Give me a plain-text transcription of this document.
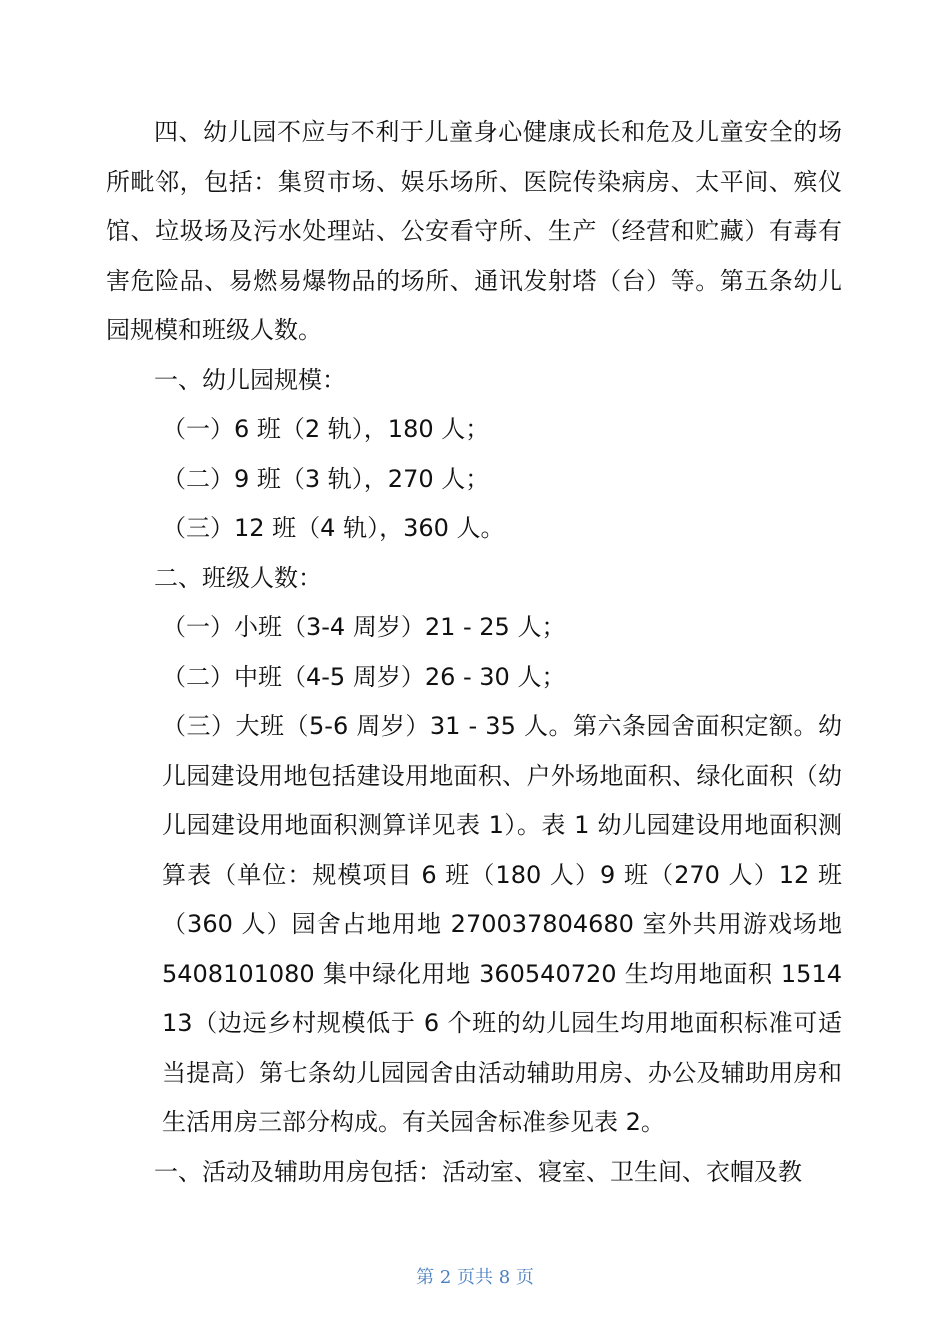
四、幼儿园不应与不利于儿童身心健康成长和危及儿童安全的场所毗邻，包括：集贸市场、娱乐场所、医院传染病房、太平间、殡仪馆、垃圾场及污水处理站、公安看守所、生产（经营和贮藏）有毒有害危险品、易燃易爆物品的场所、通讯发射塔（台）等。第五条幼儿园规模和班级人数。

一、幼儿园规模：

（一）6 班（2 轨），180 人；

（二）9 班（3 轨），270 人；

（三）12 班（4 轨），360 人。

二、班级人数：

（一）小班（3-4 周岁）21 - 25 人；

（二）中班（4-5 周岁）26 - 30 人；

（三）大班（5-6 周岁）31 - 35 人。第六条园舍面积定额。幼儿园建设用地包括建设用地面积、户外场地面积、绿化面积（幼儿园建设用地面积测算详见表 1）。表 1 幼儿园建设用地面积测算表（单位：规模项目 6 班（180 人）9 班（270 人）12 班（360 人）园舍占地用地 270037804680 室外共用游戏场地 5408101080 集中绿化用地 360540720 生均用地面积 151413（边远乡村规模低于 6 个班的幼儿园生均用地面积标准可适当提高）第七条幼儿园园舍由活动辅助用房、办公及辅助用房和生活用房三部分构成。有关园舍标准参见表 2。

一、活动及辅助用房包括：活动室、寝室、卫生间、衣帽及教

第 2 页共 8 页
